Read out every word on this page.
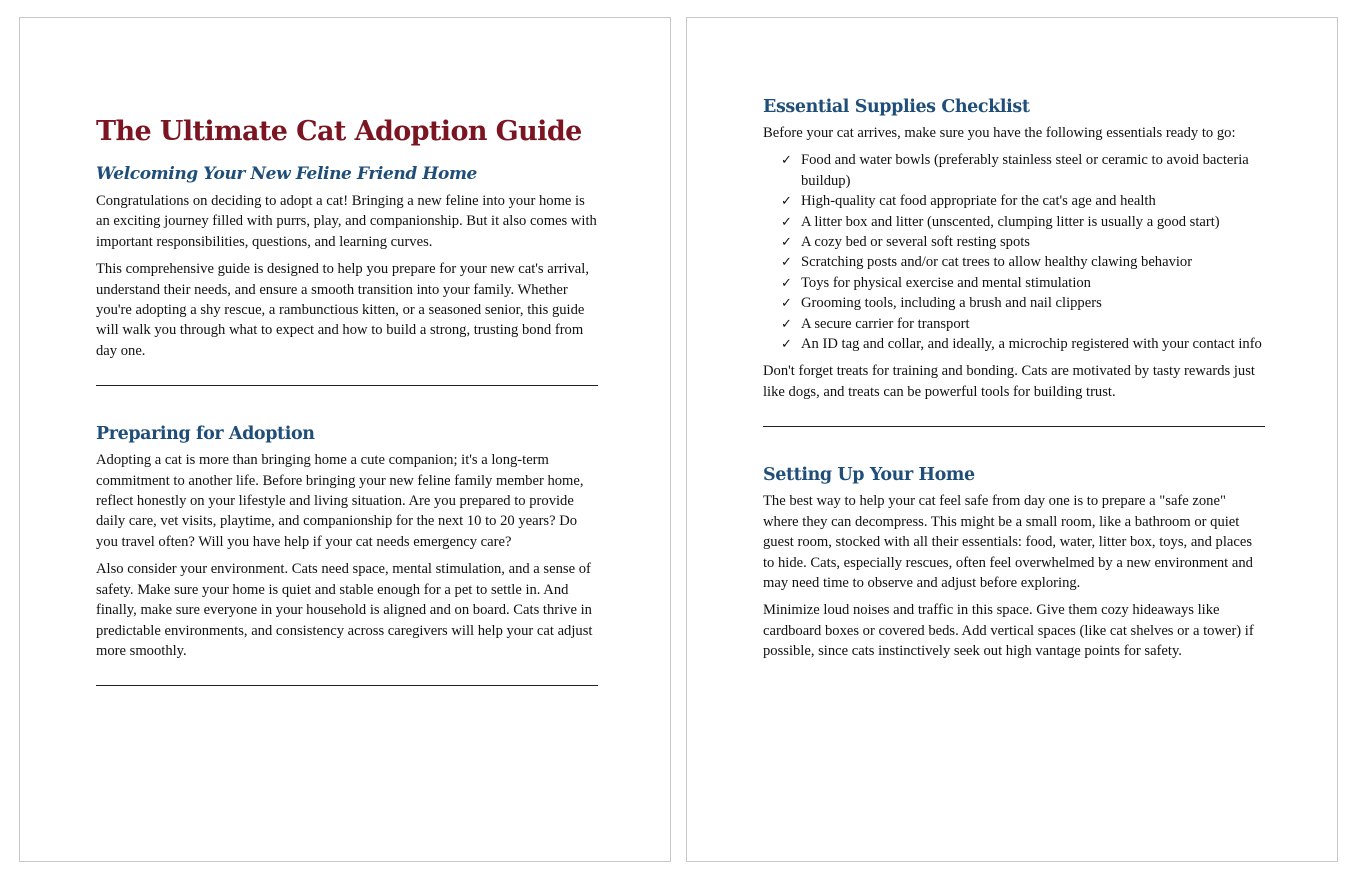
The Ultimate Cat Adoption Guide
Welcoming Your New Feline Friend Home

Congratulations on deciding to adopt a cat! Bringing a new feline into your home is an exciting journey filled with purrs, play, and companionship. But it also comes with important responsibilities, questions, and learning curves.

This comprehensive guide is designed to help you prepare for your new cat's arrival, understand their needs, and ensure a smooth transition into your family. Whether you're adopting a shy rescue, a rambunctious kitten, or a seasoned senior, this guide will walk you through what to expect and how to build a strong, trusting bond from day one.

Preparing for Adoption

Adopting a cat is more than bringing home a cute companion; it's a long-term commitment to another life. Before bringing your new feline family member home, reflect honestly on your lifestyle and living situation. Are you prepared to provide daily care, vet visits, playtime, and companionship for the next 10 to 20 years? Do you travel often? Will you have help if your cat needs emergency care?

Also consider your environment. Cats need space, mental stimulation, and a sense of safety. Make sure your home is quiet and stable enough for a pet to settle in. And finally, make sure everyone in your household is aligned and on board. Cats thrive in predictable environments, and consistency across caregivers will help your cat adjust more smoothly.

Essential Supplies Checklist

Before your cat arrives, make sure you have the following essentials ready to go:

✓ Food and water bowls (preferably stainless steel or ceramic to avoid bacteria buildup)
✓ High-quality cat food appropriate for the cat's age and health
✓ A litter box and litter (unscented, clumping litter is usually a good start)
✓ A cozy bed or several soft resting spots
✓ Scratching posts and/or cat trees to allow healthy clawing behavior
✓ Toys for physical exercise and mental stimulation
✓ Grooming tools, including a brush and nail clippers
✓ A secure carrier for transport
✓ An ID tag and collar, and ideally, a microchip registered with your contact info

Don't forget treats for training and bonding. Cats are motivated by tasty rewards just like dogs, and treats can be powerful tools for building trust.

Setting Up Your Home

The best way to help your cat feel safe from day one is to prepare a "safe zone" where they can decompress. This might be a small room, like a bathroom or quiet guest room, stocked with all their essentials: food, water, litter box, toys, and places to hide. Cats, especially rescues, often feel overwhelmed by a new environment and may need time to observe and adjust before exploring.

Minimize loud noises and traffic in this space. Give them cozy hideaways like cardboard boxes or covered beds. Add vertical spaces (like cat shelves or a tower) if possible, since cats instinctively seek out high vantage points for safety.
